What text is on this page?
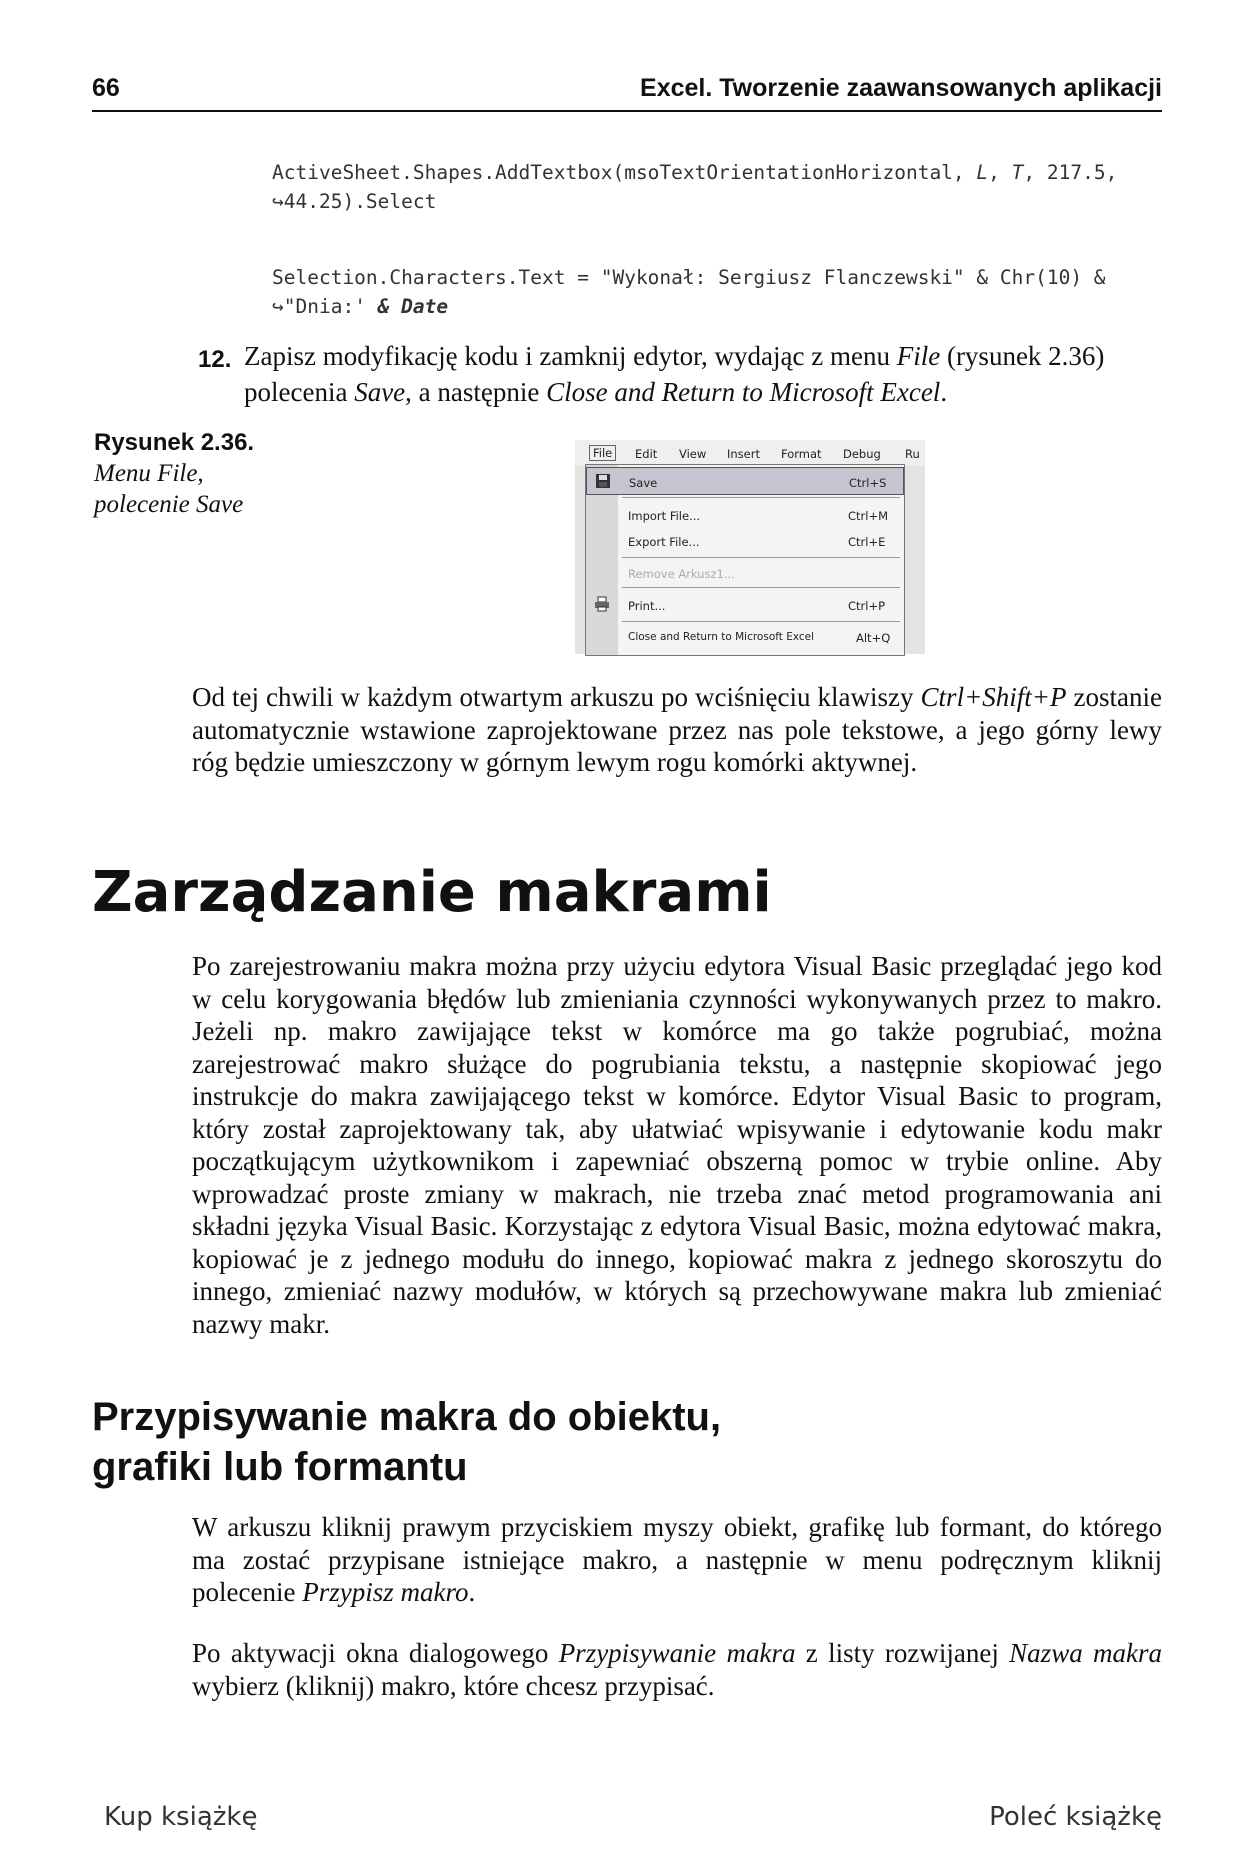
66	Excel. Tworzenie zaawansowanych aplikacji
ActiveSheet.Shapes.AddTextbox(msoTextOrientationHorizontal, L, T, 217.5,
↪44.25).Select
Selection.Characters.Text = "Wykonał: Sergiusz Flanczewski" & Chr(10) &
↪"Dnia:' & Date
12. Zapisz modyfikację kodu i zamknij edytor, wydając z menu File (rysunek 2.36) polecenia Save, a następnie Close and Return to Microsoft Excel.
Rysunek 2.36.
Menu File,
polecenie Save
File	Edit View Insert Format Debug Ru
Save	Ctrl+S
Import File...	Ctrl+M
Export File...	Ctrl+E
Remove Arkusz1...
Print...	Ctrl+P
Close and Return to Microsoft Excel	Alt+Q
Od tej chwili w każdym otwartym arkuszu po wciśnięciu klawiszy Ctrl+Shift+P zostanie automatycznie wstawione zaprojektowane przez nas pole tekstowe, a jego górny lewy róg będzie umieszczony w górnym lewym rogu komórki aktywnej.
Zarządzanie makrami
Po zarejestrowaniu makra można przy użyciu edytora Visual Basic przeglądać jego kod w celu korygowania błędów lub zmieniania czynności wykonywanych przez to makro. Jeżeli np. makro zawijające tekst w komórce ma go także pogrubiać, można zarejestrować makro służące do pogrubiania tekstu, a następnie skopiować jego instrukcje do makra zawijającego tekst w komórce. Edytor Visual Basic to program, który został zaprojektowany tak, aby ułatwiać wpisywanie i edytowanie kodu makr początkującym użytkownikom i zapewniać obszerną pomoc w trybie online. Aby wprowadzać proste zmiany w makrach, nie trzeba znać metod programowania ani składni języka Visual Basic. Korzystając z edytora Visual Basic, można edytować makra, kopiować je z jednego modułu do innego, kopiować makra z jednego skoroszytu do innego, zmieniać nazwy modułów, w których są przechowywane makra lub zmieniać nazwy makr.
Przypisywanie makra do obiektu,
grafiki lub formantu
W arkuszu kliknij prawym przyciskiem myszy obiekt, grafikę lub formant, do którego ma zostać przypisane istniejące makro, a następnie w menu podręcznym kliknij polecenie Przypisz makro.
Po aktywacji okna dialogowego Przypisywanie makra z listy rozwijanej Nazwa makra wybierz (kliknij) makro, które chcesz przypisać.
Kup książkę	Poleć książkę
